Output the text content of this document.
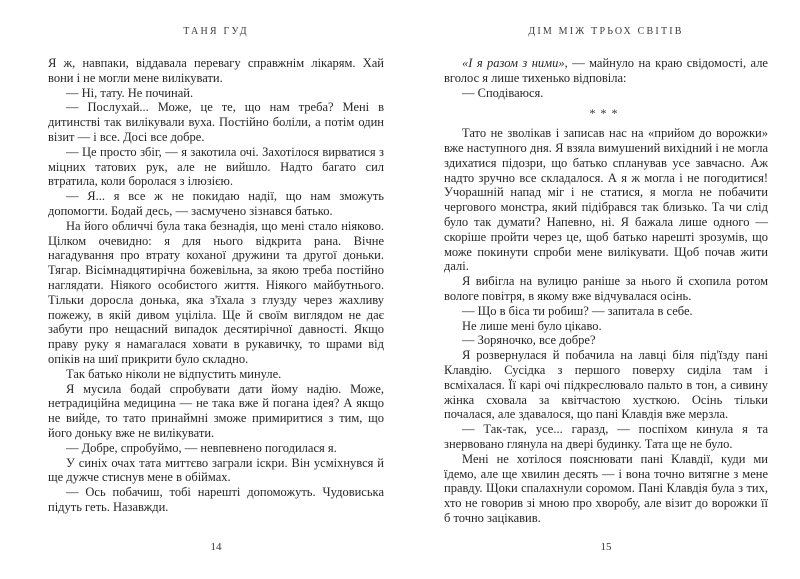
ТАНЯ ГУД

Я ж, навпаки, віддавала перевагу справжнім лікарям. Хай вони і не могли мене вилікувати.

— Ні, тату. Не починай.

— Послухай... Може, це те, що нам треба? Мені в дитинстві так вилікували вуха. Постійно боліли, а потім один візит — і все. Досі все добре.

— Це просто збіг, — я закотила очі. Захотілося вирватися з міцних татових рук, але не вийшло. Надто багато сил втратила, коли боролася з ілюзією.

— Я... я все ж не покидаю надії, що нам зможуть допомогти. Бодай десь, — засмучено зізнався батько.

На його обличчі була така безнадія, що мені стало ніяково. Цілком очевидно: я для нього відкрита рана. Вічне нагадування про втрату коханої дружини та другої доньки. Тягар. Вісімнадцятирічна божевільна, за якою треба постійно наглядати. Ніякого особистого життя. Ніякого майбутнього. Тільки доросла донька, яка з'їхала з глузду через жахливу пожежу, в якій дивом уціліла. Ще й своїм виглядом не дає забути про нещасний випадок десятирічної давності. Якщо праву руку я намагалася ховати в рукавичку, то шрами від опіків на шиї прикрити було складно.

Так батько ніколи не відпустить минуле.

Я мусила бодай спробувати дати йому надію. Може, нетрадиційна медицина — не така вже й погана ідея? А якщо не вийде, то тато принаймні зможе примиритися з тим, що його доньку вже не вилікувати.

— Добре, спробуймо, — невпевнено погодилася я.

У синіх очах тата миттєво заграли іскри. Він усміхнувся й ще дужче стиснув мене в обіймах.

— Ось побачиш, тобі нарешті допоможуть. Чудовиська підуть геть. Назавжди.

14
ДІМ МІЖ ТРЬОХ СВІТІВ

«І я разом з ними», — майнуло на краю свідомості, але вголос я лише тихенько відповіла:

— Сподіваюся.

***

Тато не зволікав і записав нас на «прийом до ворожки» вже наступного дня. Я взяла вимушений вихідний і не могла здихатися підозри, що батько спланував усе завчасно. Аж надто зручно все складалося. А я ж могла і не погодитися! Учорашній напад міг і не статися, я могла не побачити чергового монстра, який підібрався так близько. Та чи слід було так думати? Напевно, ні. Я бажала лише одного — скоріше пройти через це, щоб батько нарешті зрозумів, що може покинути спроби мене вилікувати. Щоб почав жити далі.

Я вибігла на вулицю раніше за нього й схопила ротом вологе повітря, в якому вже відчувалася осінь.

— Що в біса ти робиш? — запитала в себе.

Не лише мені було цікаво.

— Зоряночко, все добре?

Я розвернулася й побачила на лавці біля під'їзду пані Клавдію. Сусідка з першого поверху сиділа там і всміхалася. Її карі очі підкреслювало пальто в тон, а сивину жінка сховала за квітчастою хусткою. Осінь тільки почалася, але здавалося, що пані Клавдія вже мерзла.

— Так-так, усе... гаразд, — поспіхом кинула я та знервовано глянула на двері будинку. Тата ще не було.

Мені не хотілося пояснювати пані Клавдії, куди ми їдемо, але ще хвилин десять — і вона точно витягне з мене правду. Щоки спалахнули соромом. Пані Клавдія була з тих, хто не говорив зі мною про хворобу, але візит до ворожки її б точно зацікавив.

15
